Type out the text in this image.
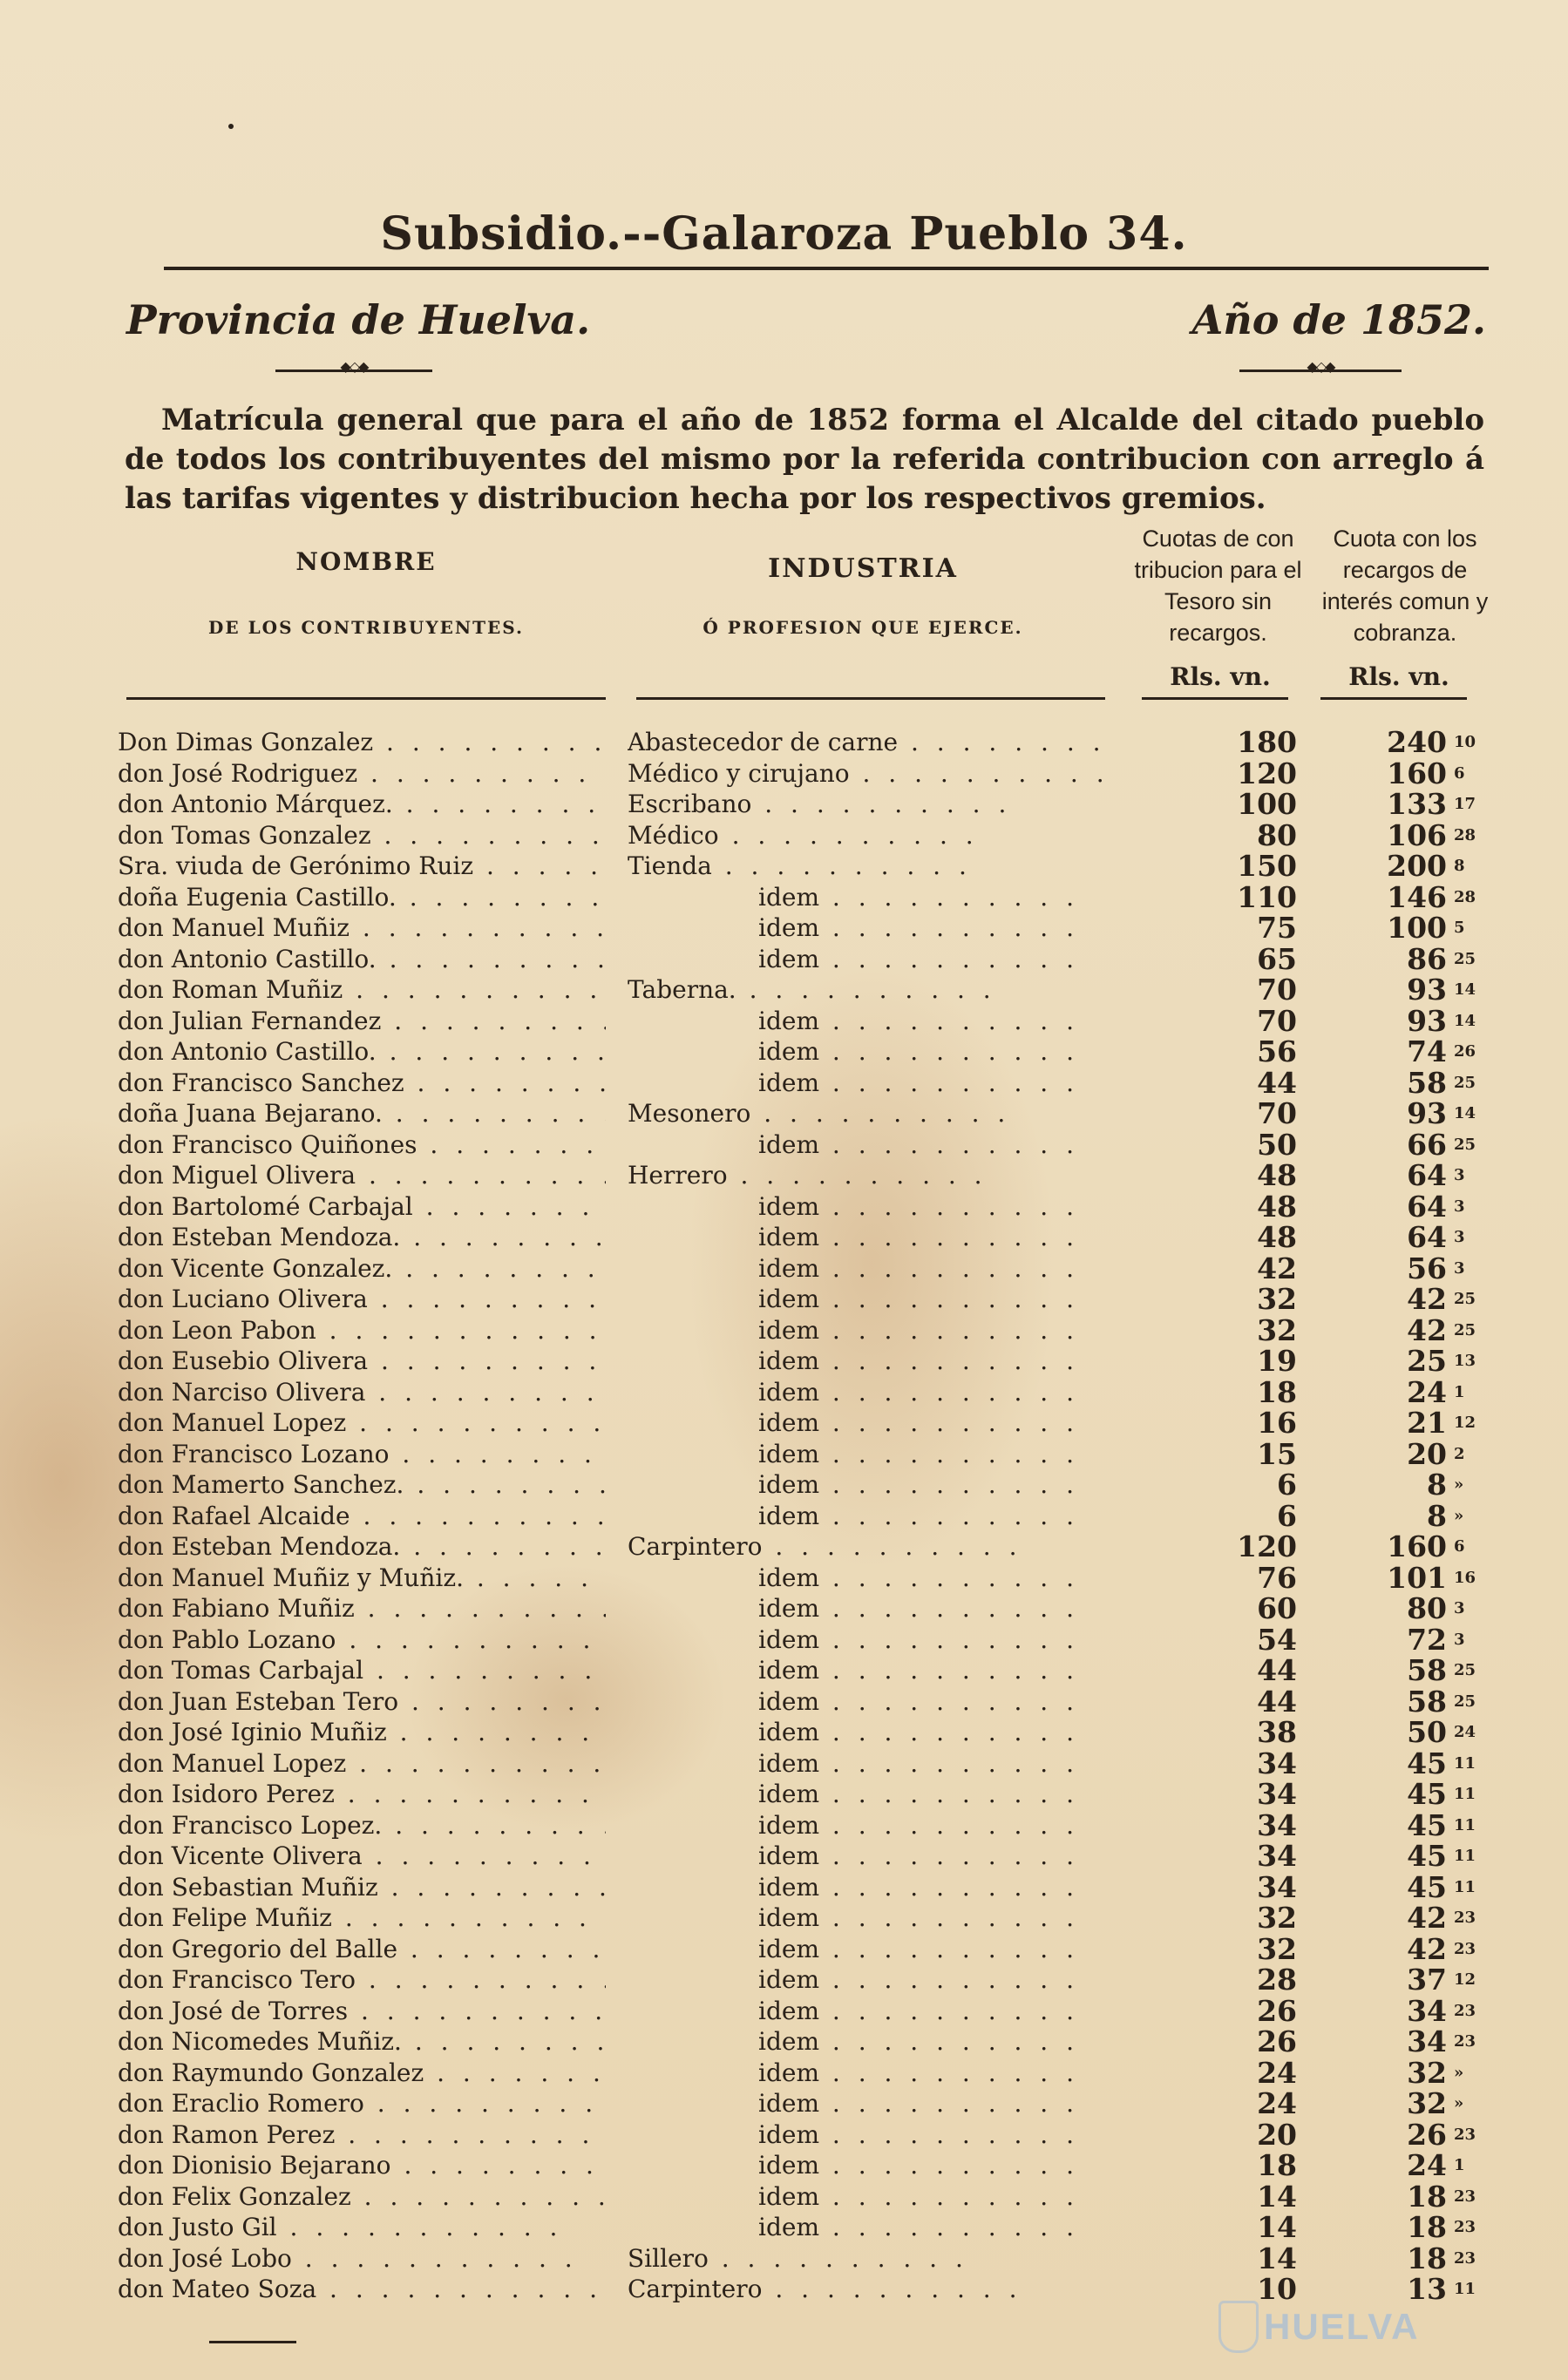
Subsidio.--Galaroza Pueblo 34.
Provincia de Huelva.	Año de 1852.
◆◇◆
◆◇◆
Matrícula general que para el año de 1852 forma el Alcalde del citado pueblo de todos los contribuyentes del mismo por la referida contribucion con arreglo á las tarifas vigentes y distribucion hecha por los respectivos gremios.
NOMBRE
DE LOS CONTRIBUYENTES.
INDUSTRIA
Ó PROFESION QUE EJERCE.
Cuotas de con tribucion para el Tesoro sin recargos.
Cuota con los recargos de interés comun y cobranza.
Rls. vn.	Rls. vn.
Don Dimas Gonzalez . .	Abastecedor de carne . .	180	240 10
don José Rodriguez . .	Médico y cirujano . .	120	160 6
don Antonio Márquez. . .	Escribano . .	100	133 17
don Tomas Gonzalez . .	Médico . .	80	106 28
Sra. viuda de Gerónimo Ruiz . .	Tienda . .	150	200 8
doña Eugenia Castillo. . .	idem . .	110	146 28
don Manuel Muñiz . .	idem . .	75	100 5
don Antonio Castillo. . .	idem . .	65	86 25
don Roman Muñiz . .	Taberna. . .	70	93 14
don Julian Fernandez . .	idem . .	70	93 14
don Antonio Castillo. . .	idem . .	56	74 26
don Francisco Sanchez . .	idem . .	44	58 25
doña Juana Bejarano. . .	Mesonero . .	70	93 14
don Francisco Quiñones . .	idem . .	50	66 25
don Miguel Olivera . .	Herrero . .	48	64 3
don Bartolomé Carbajal . .	idem . .	48	64 3
don Esteban Mendoza. . .	idem . .	48	64 3
don Vicente Gonzalez. . .	idem . .	42	56 3
don Luciano Olivera . .	idem . .	32	42 25
don Leon Pabon . .	idem . .	32	42 25
don Eusebio Olivera . .	idem . .	19	25 13
don Narciso Olivera . .	idem . .	18	24 1
don Manuel Lopez . .	idem . .	16	21 12
don Francisco Lozano . .	idem . .	15	20 2
don Mamerto Sanchez. . .	idem . .	6	8 »
don Rafael Alcaide . .	idem . .	6	8 »
don Esteban Mendoza. . .	Carpintero . .	120	160 6
don Manuel Muñiz y Muñiz. . .	idem . .	76	101 16
don Fabiano Muñiz . .	idem . .	60	80 3
don Pablo Lozano . .	idem . .	54	72 3
don Tomas Carbajal . .	idem . .	44	58 25
don Juan Esteban Tero . .	idem . .	44	58 25
don José Iginio Muñiz . .	idem . .	38	50 24
don Manuel Lopez . .	idem . .	34	45 11
don Isidoro Perez . .	idem . .	34	45 11
don Francisco Lopez. . .	idem . .	34	45 11
don Vicente Olivera . .	idem . .	34	45 11
don Sebastian Muñiz . .	idem . .	34	45 11
don Felipe Muñiz . .	idem . .	32	42 23
don Gregorio del Balle . .	idem . .	32	42 23
don Francisco Tero . .	idem . .	28	37 12
don José de Torres . .	idem . .	26	34 23
don Nicomedes Muñiz. . .	idem . .	26	34 23
don Raymundo Gonzalez . .	idem . .	24	32 »
don Eraclio Romero . .	idem . .	24	32 »
don Ramon Perez . .	idem . .	20	26 23
don Dionisio Bejarano . .	idem . .	18	24 1
don Felix Gonzalez . .	idem . .	14	18 23
don Justo Gil . .	idem . .	14	18 23
don José Lobo . .	Sillero . .	14	18 23
don Mateo Soza . .	Carpintero . .	10	13 11
HUELVA
